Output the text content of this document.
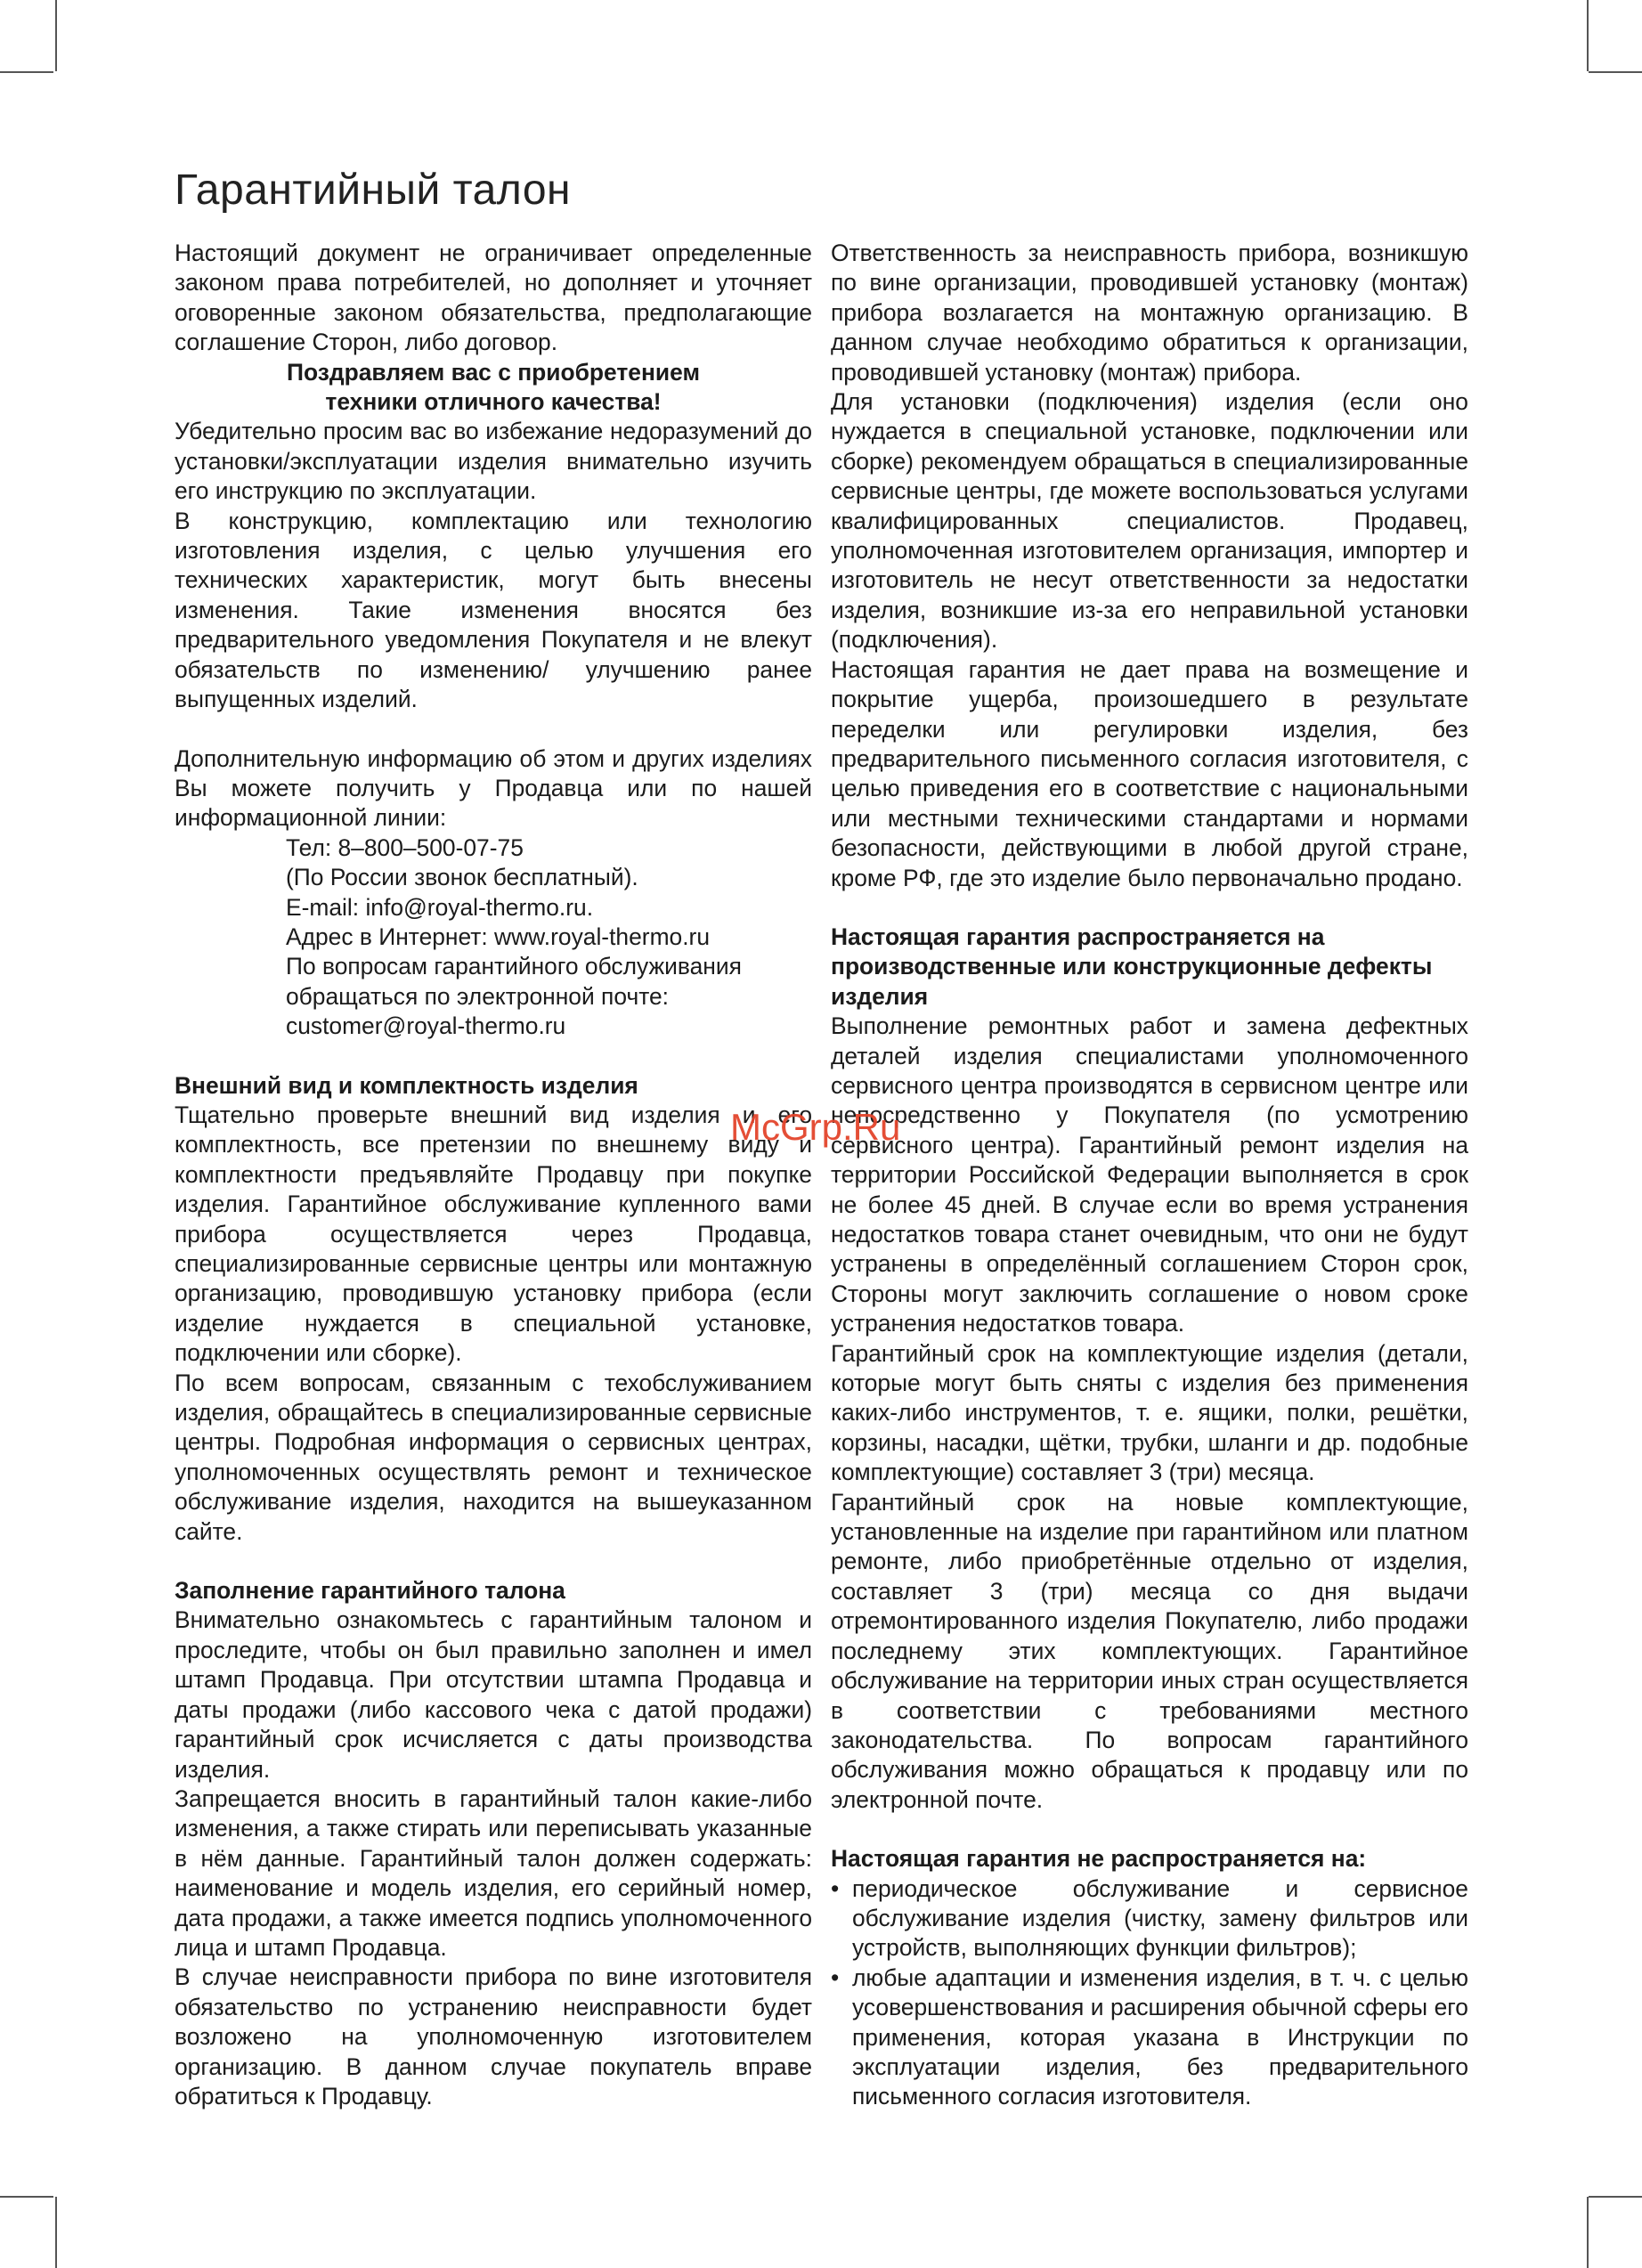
Гарантийный талон

Настоящий документ не ограничивает определенные законом права потребителей, но дополняет и уточняет оговоренные законом обязательства, предполагающие соглашение Сторон, либо договор.

Поздравляем вас с приобретением
техники отличного качества!

Убедительно просим вас во избежание недоразумений до установки/эксплуатации изделия внимательно изучить его инструкцию по эксплуатации.

В конструкцию, комплектацию или технологию изготовления изделия, с целью улучшения его технических характеристик, могут быть внесены изменения. Такие изменения вносятся без предварительного уведомления Покупателя и не влекут обязательств по изменению/ улучшению ранее выпущенных изделий.

Дополнительную информацию об этом и других изделиях Вы можете получить у Продавца или по нашей информационной линии:

Тел: 8–800–500-07-75
(По России звонок бесплатный).
E-mail: info@royal-thermo.ru.
Адрес в Интернет: www.royal-thermo.ru
По вопросам гарантийного обслуживания
обращаться по электронной почте:
customer@royal-thermo.ru

Внешний вид и комплектность изделия

Тщательно проверьте внешний вид изделия и его комплектность, все претензии по внешнему виду и комплектности предъявляйте Продавцу при покупке изделия. Гарантийное обслуживание купленного вами прибора осуществляется через Продавца, специализированные сервисные центры или монтажную организацию, проводившую установку прибора (если изделие нуждается в специальной установке, подключении или сборке).

По всем вопросам, связанным с техобслуживанием изделия, обращайтесь в специализированные сервисные центры. Подробная информация о сервисных центрах, уполномоченных осуществлять ремонт и техническое обслуживание изделия, находится на вышеуказанном сайте.

Заполнение гарантийного талона

Внимательно ознакомьтесь с гарантийным талоном и проследите, чтобы он был правильно заполнен и имел штамп Продавца. При отсутствии штампа Продавца и даты продажи (либо кассового чека с датой продажи) гарантийный срок исчисляется с даты производства изделия.

Запрещается вносить в гарантийный талон какие-либо изменения, а также стирать или переписывать указанные в нём данные. Гарантийный талон должен содержать: наименование и модель изделия, его серийный номер, дата продажи, а также имеется подпись уполномоченного лица и штамп Продавца.

В случае неисправности прибора по вине изготовителя обязательство по устранению неисправности будет возложено на уполномоченную изготовителем организацию. В данном случае покупатель вправе обратиться к Продавцу.

Ответственность за неисправность прибора, возникшую по вине организации, проводившей установку (монтаж) прибора возлагается на монтажную организацию. В данном случае необходимо обратиться к организации, проводившей установку (монтаж) прибора.

Для установки (подключения) изделия (если оно нуждается в специальной установке, подключении или сборке) рекомендуем обращаться в специализированные сервисные центры, где можете воспользоваться услугами квалифицированных специалистов. Продавец, уполномоченная изготовителем организация, импортер и изготовитель не несут ответственности за недостатки изделия, возникшие из-за его неправильной установки (подключения).

Настоящая гарантия не дает права на возмещение и покрытие ущерба, произошедшего в результате переделки или регулировки изделия, без предварительного письменного согласия изготовителя, с целью приведения его в соответствие с национальными или местными техническими стандартами и нормами безопасности, действующими в любой другой стране, кроме РФ, где это изделие было первоначально продано.

Настоящая гарантия распространяется на производственные или конструкционные дефекты изделия

Выполнение ремонтных работ и замена дефектных деталей изделия специалистами уполномоченного сервисного центра производятся в сервисном центре или непосредственно у Покупателя (по усмотрению сервисного центра). Гарантийный ремонт изделия на территории Российской Федерации выполняется в срок не более 45 дней. В случае если во время устранения недостатков товара станет очевидным, что они не будут устранены в определённый соглашением Сторон срок, Стороны могут заключить соглашение о новом сроке устранения недостатков товара.

Гарантийный срок на комплектующие изделия (детали, которые могут быть сняты с изделия без применения каких-либо инструментов, т. е. ящики, полки, решётки, корзины, насадки, щётки, трубки, шланги и др. подобные комплектующие) составляет 3 (три) месяца.

Гарантийный срок на новые комплектующие, установленные на изделие при гарантийном или платном ремонте, либо приобретённые отдельно от изделия, составляет 3 (три) месяца со дня выдачи отремонтированного изделия Покупателю, либо продажи последнему этих комплектующих. Гарантийное обслуживание на территории иных стран осуществляется в соответствии с требованиями местного законодательства. По вопросам гарантийного обслуживания можно обращаться к продавцу или по электронной почте.

Настоящая гарантия не распространяется на:

• периодическое обслуживание и сервисное обслуживание изделия (чистку, замену фильтров или устройств, выполняющих функции фильтров);

• любые адаптации и изменения изделия, в т. ч. с целью усовершенствования и расширения обычной сферы его применения, которая указана в Инструкции по эксплуатации изделия, без предварительного письменного согласия изготовителя.

McGrp.Ru
